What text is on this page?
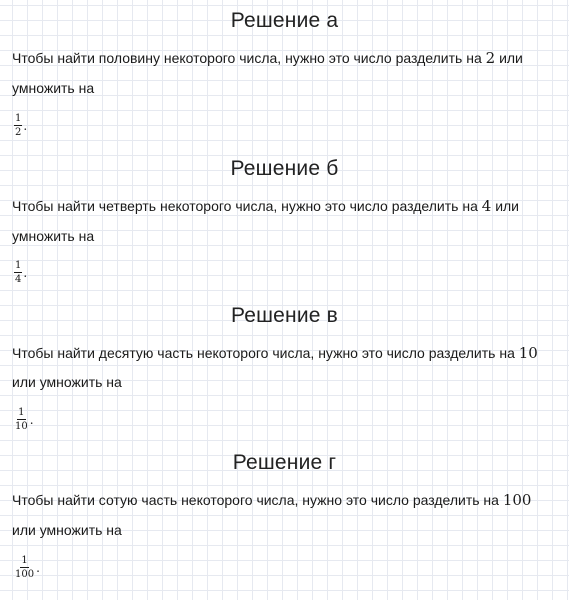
Решение а
Чтобы найти половину некоторого числа, нужно это число разделить на 2 или
умножить на
$\frac{1}{2}$ .
Решение б
Чтобы найти четверть некоторого числа, нужно это число разделить на 4 или
умножить на
$\frac{1}{4}$ .
Решение в
Чтобы найти десятую часть некоторого числа, нужно это число разделить на 10
или умножить на
$\frac{1}{10}$ .
Решение г
Чтобы найти сотую часть некоторого числа, нужно это число разделить на 100
или умножить на
$\frac{1}{100}$ .
